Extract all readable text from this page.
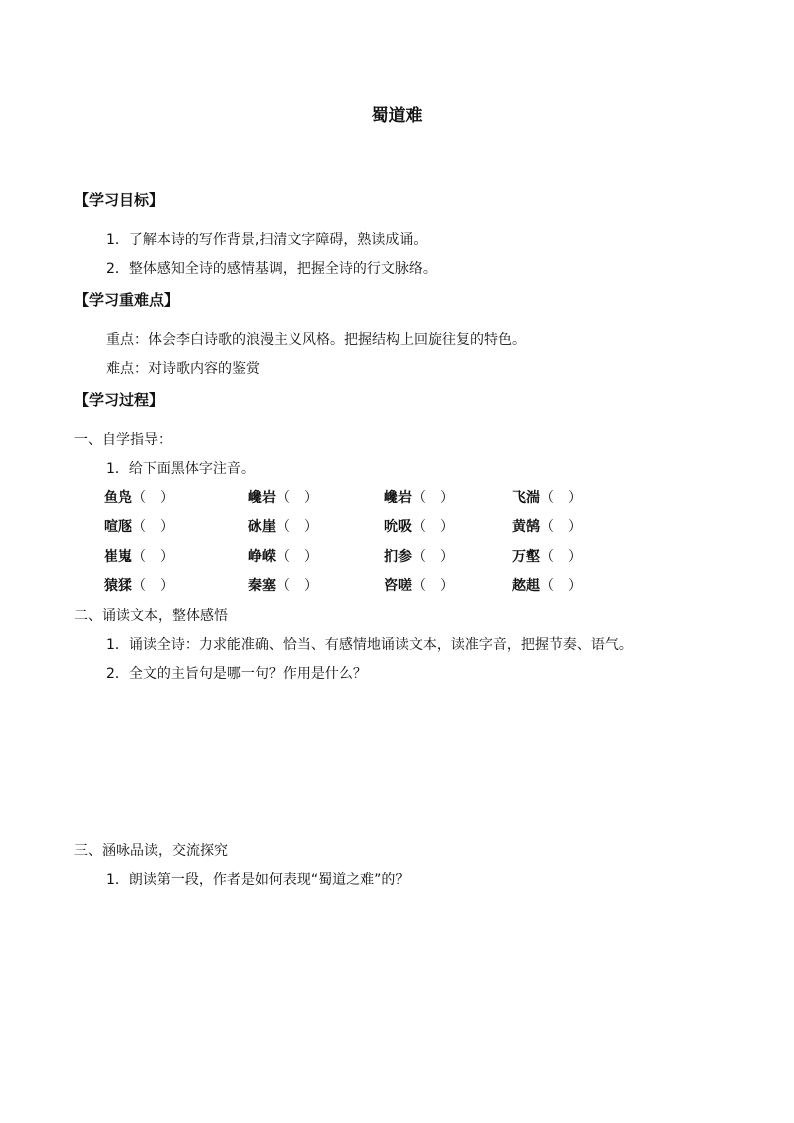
蜀道难
【学习目标】
1．了解本诗的写作背景,扫清文字障碍，熟读成诵。
2．整体感知全诗的感情基调，把握全诗的行文脉络。
【学习重难点】
重点：体会李白诗歌的浪漫主义风格。把握结构上回旋往复的特色。
难点：对诗歌内容的鉴赏
【学习过程】
一、自学指导：
1．给下面黑体字注音。
鱼凫（　）	巉岩（　）	巉岩（　）	飞湍（　）
喧豗（　）	砯崖（　）	吮吸（　）	黄鹄（　）
崔嵬（　）	峥嵘（　）	扪参（　）	万壑（　）
猿猱（　）	秦塞（　）	咨嗟（　）	趑趄（　）
二、诵读文本，整体感悟
1．诵读全诗：力求能准确、恰当、有感情地诵读文本，读准字音，把握节奏、语气。
2．全文的主旨句是哪一句？作用是什么？
三、涵咏品读，交流探究
1．朗读第一段，作者是如何表现“蜀道之难”的？
